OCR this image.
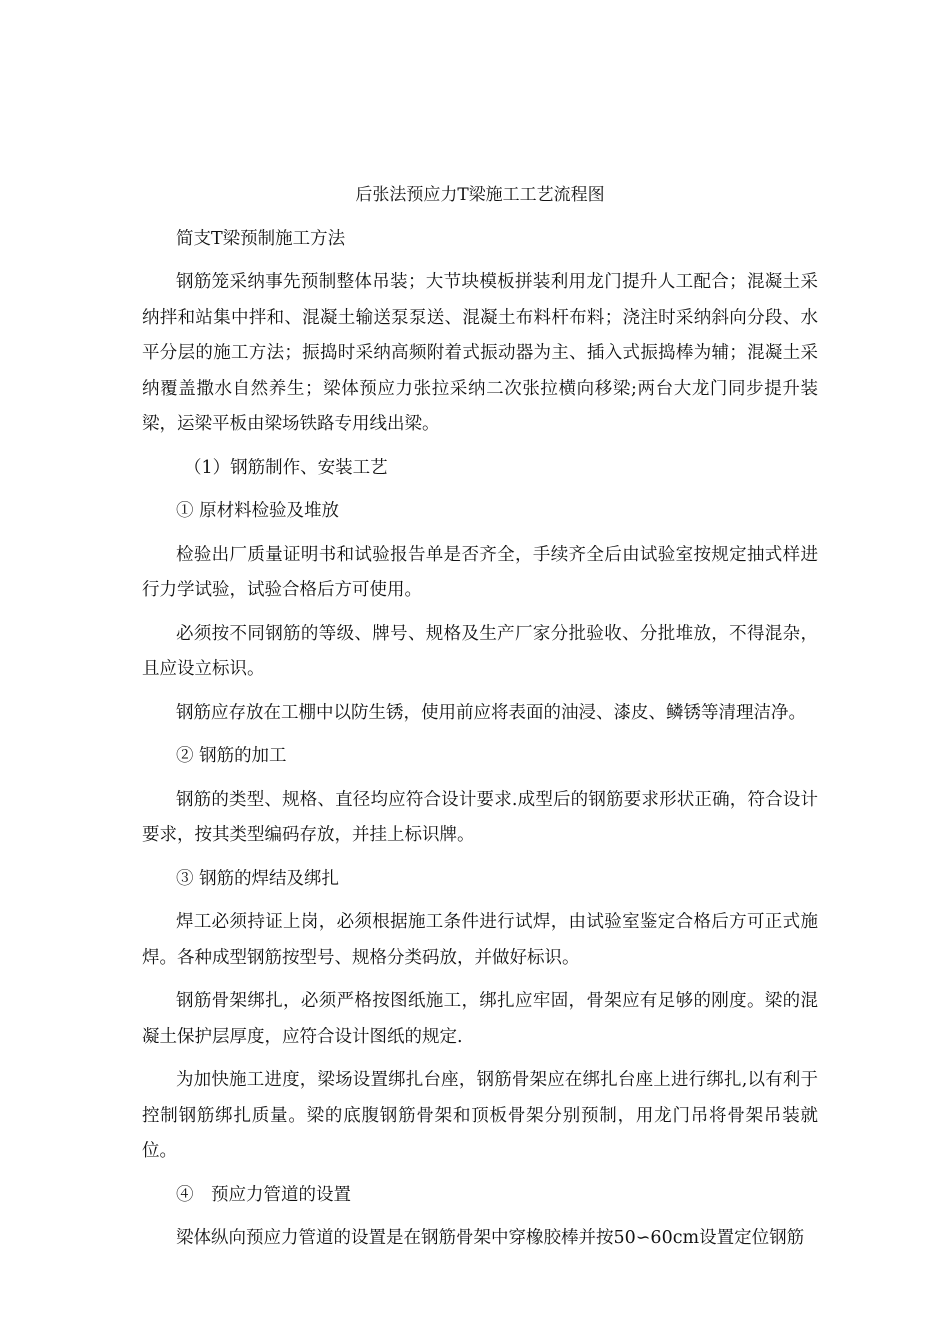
后张法预应力T梁施工工艺流程图

简支T梁预制施工方法

钢筋笼采纳事先预制整体吊装；大节块模板拼装利用龙门提升人工配合；混凝土采纳拌和站集中拌和、混凝土输送泵泵送、混凝土布料杆布料；浇注时采纳斜向分段、水平分层的施工方法；振捣时采纳高频附着式振动器为主、插入式振捣棒为辅；混凝土采纳覆盖撒水自然养生；梁体预应力张拉采纳二次张拉横向移梁;两台大龙门同步提升装梁，运梁平板由梁场铁路专用线出梁。

（1）钢筋制作、安装工艺

① 原材料检验及堆放

检验出厂质量证明书和试验报告单是否齐全，手续齐全后由试验室按规定抽式样进行力学试验，试验合格后方可使用。

必须按不同钢筋的等级、牌号、规格及生产厂家分批验收、分批堆放，不得混杂，且应设立标识。

钢筋应存放在工棚中以防生锈，使用前应将表面的油浸、漆皮、鳞锈等清理洁净。

② 钢筋的加工

钢筋的类型、规格、直径均应符合设计要求.成型后的钢筋要求形状正确，符合设计要求，按其类型编码存放，并挂上标识牌。

③ 钢筋的焊结及绑扎

焊工必须持证上岗，必须根据施工条件进行试焊，由试验室鉴定合格后方可正式施焊。各种成型钢筋按型号、规格分类码放，并做好标识。

钢筋骨架绑扎，必须严格按图纸施工，绑扎应牢固，骨架应有足够的刚度。梁的混凝土保护层厚度，应符合设计图纸的规定.

为加快施工进度，梁场设置绑扎台座，钢筋骨架应在绑扎台座上进行绑扎,以有利于控制钢筋绑扎质量。梁的底腹钢筋骨架和顶板骨架分别预制，用龙门吊将骨架吊装就位。

④　预应力管道的设置

梁体纵向预应力管道的设置是在钢筋骨架中穿橡胶棒并按50∽60cm设置定位钢筋
